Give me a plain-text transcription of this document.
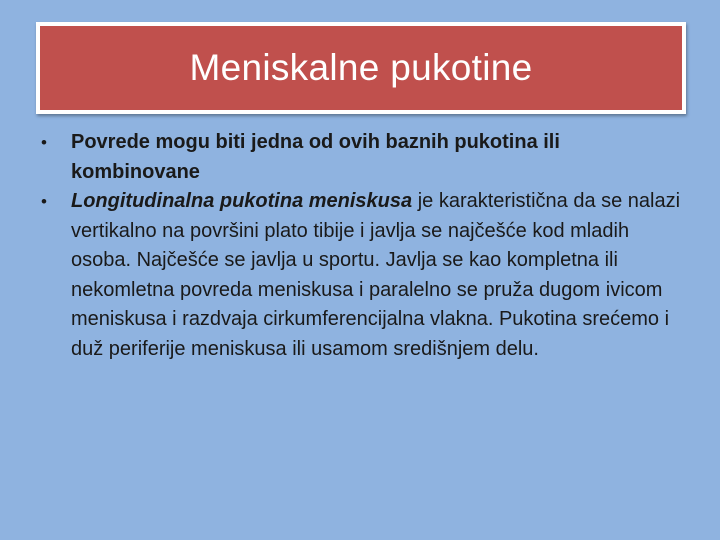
Meniskalne pukotine
• Povrede mogu biti jedna od ovih baznih pukotina ili kombinovane
• Longitudinalna pukotina meniskusa je karakteristična da se nalazi vertikalno na površini plato tibije i javlja se najčešće kod mladih osoba. Najčešće se javlja u sportu. Javlja se kao kompletna ili nekomletna povreda meniskusa i paralelno se pruža dugom ivicom meniskusa i razdvaja cirkumferencijalna vlakna. Pukotina srećemo i duž periferije meniskusa ili usamom središnjem delu.
